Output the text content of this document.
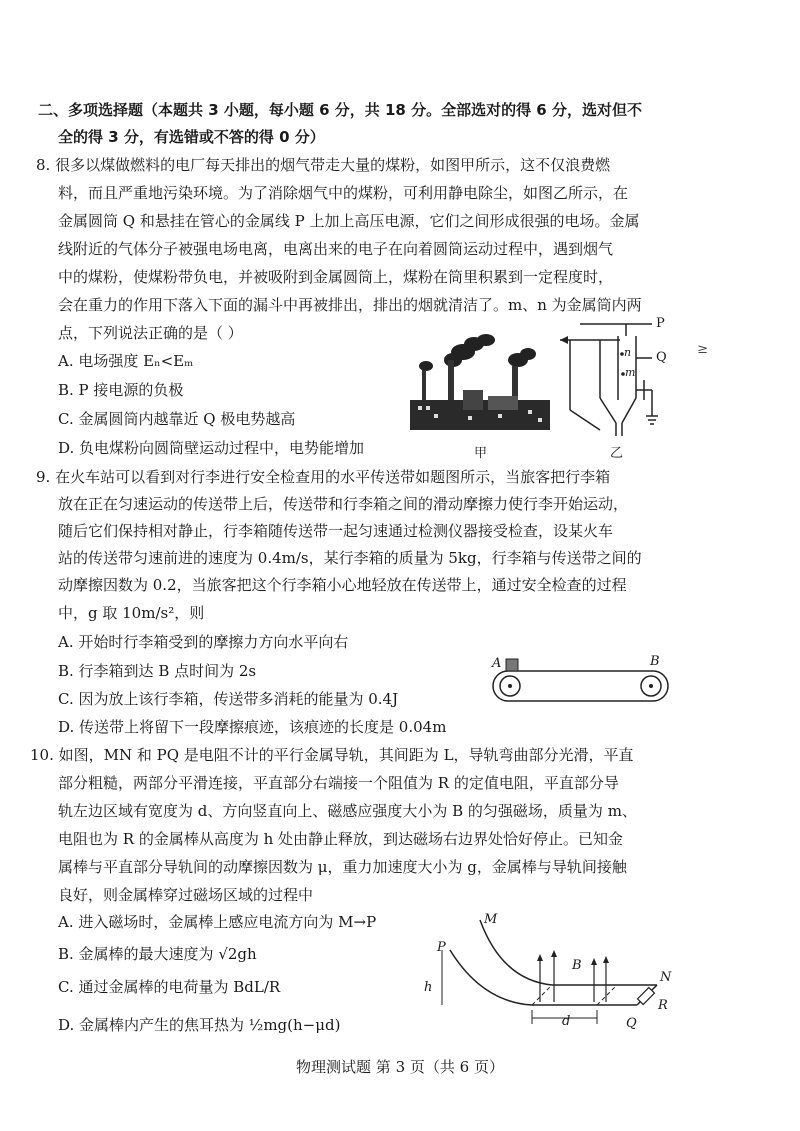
二、多项选择题（本题共 3 小题，每小题 6 分，共 18 分。全部选对的得 6 分，选对但不
全的得 3 分，有选错或不答的得 0 分）
8. 很多以煤做燃料的电厂每天排出的烟气带走大量的煤粉，如图甲所示，这不仅浪费燃
料，而且严重地污染环境。为了消除烟气中的煤粉，可利用静电除尘，如图乙所示，在
金属圆筒 Q 和悬挂在管心的金属线 P 上加上高压电源，它们之间形成很强的电场。金属
线附近的气体分子被强电场电离，电离出来的电子在向着圆筒运动过程中，遇到烟气
中的煤粉，使煤粉带负电，并被吸附到金属圆筒上，煤粉在筒里积累到一定程度时，
会在重力的作用下落入下面的漏斗中再被排出，排出的烟就清洁了。m、n 为金属筒内两
点，下列说法正确的是（ ）
A. 电场强度 Eₙ<Eₘ
B. P 接电源的负极
C. 金属圆筒内越靠近 Q 极电势越高
D. 负电煤粉向圆筒壁运动过程中，电势能增加	甲
P
Q
n
m
乙
≥
9. 在火车站可以看到对行李进行安全检查用的水平传送带如题图所示，当旅客把行李箱
放在正在匀速运动的传送带上后，传送带和行李箱之间的滑动摩擦力使行李开始运动，
随后它们保持相对静止，行李箱随传送带一起匀速通过检测仪器接受检查，设某火车
站的传送带匀速前进的速度为 0.4m/s，某行李箱的质量为 5kg，行李箱与传送带之间的
动摩擦因数为 0.2，当旅客把这个行李箱小心地轻放在传送带上，通过安全检查的过程
中，g 取 10m/s²，则
A. 开始时行李箱受到的摩擦力方向水平向右
B. 行李箱到达 B 点时间为 2s
C. 因为放上该行李箱，传送带多消耗的能量为 0.4J
D. 传送带上将留下一段摩擦痕迹，该痕迹的长度是 0.04m
A	B
10. 如图，MN 和 PQ 是电阻不计的平行金属导轨，其间距为 L，导轨弯曲部分光滑，平直
部分粗糙，两部分平滑连接，平直部分右端接一个阻值为 R 的定值电阻，平直部分导
轨左边区域有宽度为 d、方向竖直向上、磁感应强度大小为 B 的匀强磁场，质量为 m、
电阻也为 R 的金属棒从高度为 h 处由静止释放，到达磁场右边界处恰好停止。已知金
属棒与平直部分导轨间的动摩擦因数为 μ，重力加速度大小为 g，金属棒与导轨间接触
良好，则金属棒穿过磁场区域的过程中
A. 进入磁场时，金属棒上感应电流方向为 M→P
B. 金属棒的最大速度为 √2gh
C. 通过金属棒的电荷量为 BdL/R
D. 金属棒内产生的焦耳热为 ½mg(h−μd)
M
P
N
Q
R
B
h
d
物理测试题 第 3 页（共 6 页）
